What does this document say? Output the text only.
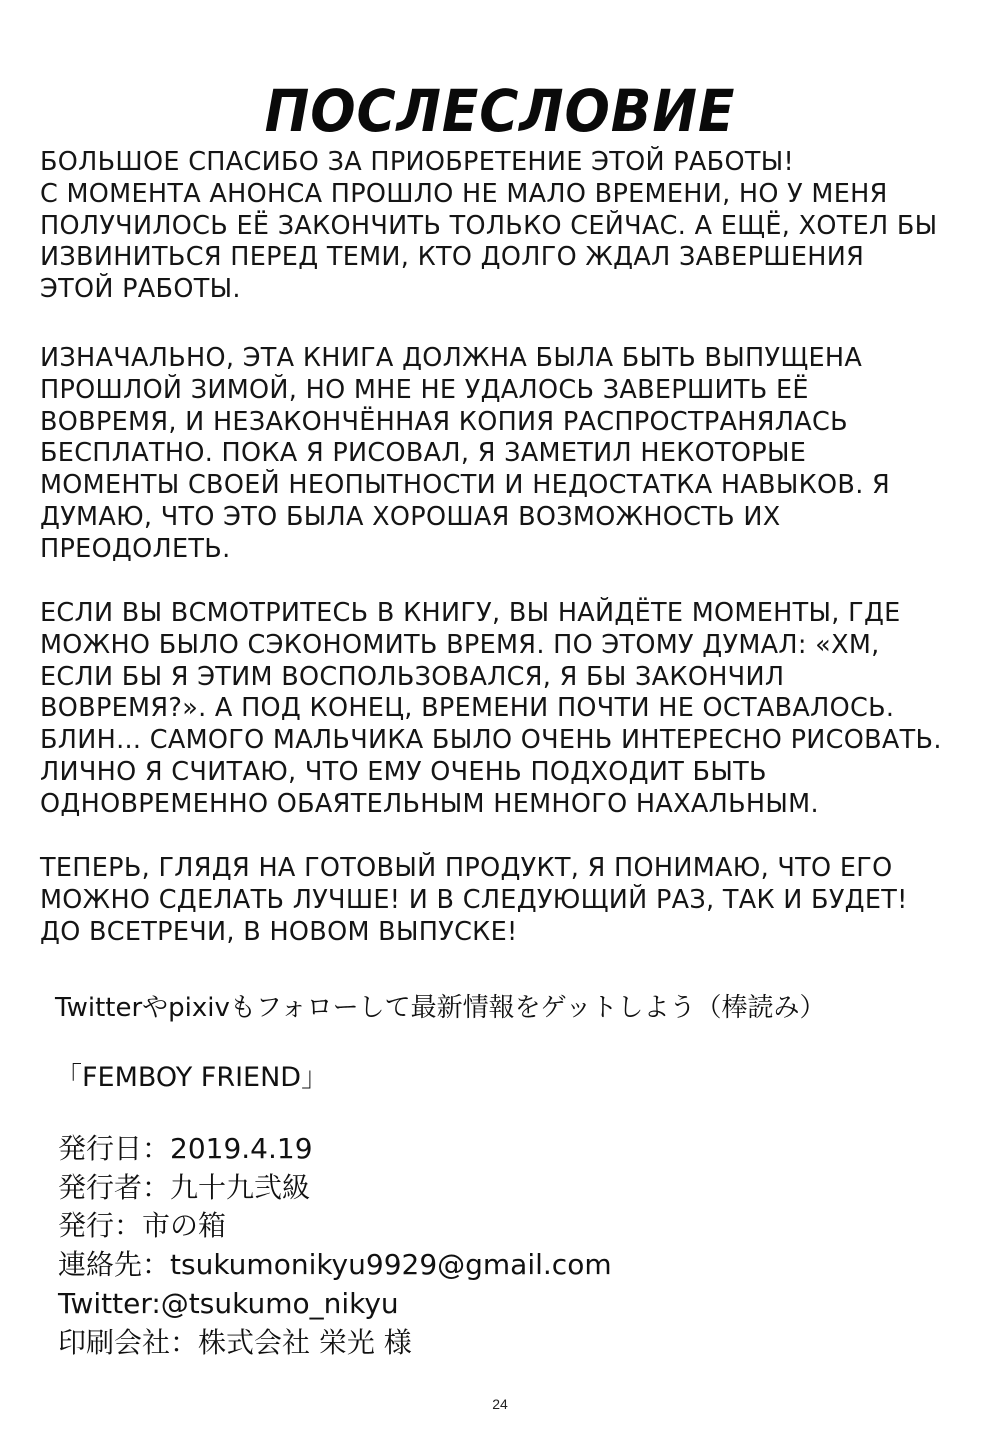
ПОСЛЕСЛОВИЕ
БОЛЬШОЕ СПАСИБО ЗА ПРИОБРЕТЕНИЕ ЭТОЙ РАБОТЫ!
С МОМЕНТА АНОНСА ПРОШЛО НЕ МАЛО ВРЕМЕНИ, НО У МЕНЯ
ПОЛУЧИЛОСЬ ЕЁ ЗАКОНЧИТЬ ТОЛЬКО СЕЙЧАС. А ЕЩЁ, ХОТЕЛ БЫ
ИЗВИНИТЬСЯ ПЕРЕД ТЕМИ, КТО ДОЛГО ЖДАЛ ЗАВЕРШЕНИЯ
ЭТОЙ РАБОТЫ.
ИЗНАЧАЛЬНО, ЭТА КНИГА ДОЛЖНА БЫЛА БЫТЬ ВЫПУЩЕНА
ПРОШЛОЙ ЗИМОЙ, НО МНЕ НЕ УДАЛОСЬ ЗАВЕРШИТЬ ЕЁ
ВОВРЕМЯ, И НЕЗАКОНЧЁННАЯ КОПИЯ РАСПРОСТРАНЯЛАСЬ
БЕСПЛАТНО. ПОКА Я РИСОВАЛ, Я ЗАМЕТИЛ НЕКОТОРЫЕ
МОМЕНТЫ СВОЕЙ НЕОПЫТНОСТИ И НЕДОСТАТКА НАВЫКОВ. Я
ДУМАЮ, ЧТО ЭТО БЫЛА ХОРОШАЯ ВОЗМОЖНОСТЬ ИХ
ПРЕОДОЛЕТЬ.
ЕСЛИ ВЫ ВСМОТРИТЕСЬ В КНИГУ, ВЫ НАЙДЁТЕ МОМЕНТЫ, ГДЕ
МОЖНО БЫЛО СЭКОНОМИТЬ ВРЕМЯ. ПО ЭТОМУ ДУМАЛ: «ХМ,
ЕСЛИ БЫ Я ЭТИМ ВОСПОЛЬЗОВАЛСЯ, Я БЫ ЗАКОНЧИЛ
ВОВРЕМЯ?». А ПОД КОНЕЦ, ВРЕМЕНИ ПОЧТИ НЕ ОСТАВАЛОСЬ.
БЛИН... САМОГО МАЛЬЧИКА БЫЛО ОЧЕНЬ ИНТЕРЕСНО РИСОВАТЬ.
ЛИЧНО Я СЧИТАЮ, ЧТО ЕМУ ОЧЕНЬ ПОДХОДИТ БЫТЬ
ОДНОВРЕМЕННО ОБАЯТЕЛЬНЫМ НЕМНОГО НАХАЛЬНЫМ.
ТЕПЕРЬ, ГЛЯДЯ НА ГОТОВЫЙ ПРОДУКТ, Я ПОНИМАЮ, ЧТО ЕГО
МОЖНО СДЕЛАТЬ ЛУЧШЕ! И В СЛЕДУЮЩИЙ РАЗ, ТАК И БУДЕТ!
ДО ВСЕТРЕЧИ, В НОВОМ ВЫПУСКЕ!
Twitterやpixivもフォローして最新情報をゲットしよう（棒読み）
「FEMBOY FRIEND」
発行日：2019.4.19
発行者：九十九弐級
発行：市の箱
連絡先：tsukumonikyu9929@gmail.com
Twitter:@tsukumo_nikyu
印刷会社：株式会社 栄光 様
24
